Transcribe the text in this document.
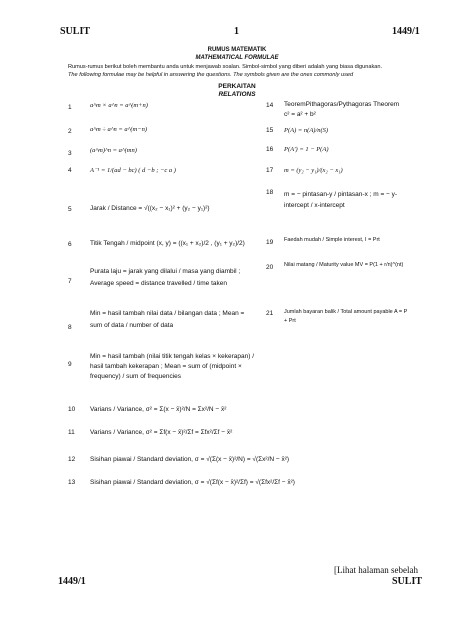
SULIT	1	1449/1
RUMUS MATEMATIK
MATHEMATICAL FORMULAE
Rumus-rumus berikut boleh membantu anda untuk menjawab soalan. Simbol-simbol yang diberi adalah yang biasa digunakan.
The following formulae may be helpful in answering the questions. The symbols given are the ones commonly used
PERKAITAN
RELATIONS
1	a^m × a^n = a^(m+n)
2	a^m ÷ a^n = a^(m−n)
3	(a^m)^n = a^(mn)
4	A⁻¹ = 1/(ad − bc) ( d −b ; −c a )
5	Jarak / Distance = √((x₂ − x₁)² + (y₂ − y₁)²)
6	Titik Tengah / midpoint (x, y) = ((x₁ + x₂)/2 , (y₁ + y₂)/2)
7
Purata laju = jarak yang dilalui / masa yang diambil ; Average speed = distance travelled / time taken
8
Min = hasil tambah nilai data / bilangan data ; Mean = sum of data / number of data
9
Min = hasil tambah (nilai titik tengah kelas × kekerapan) / hasil tambah kekerapan ; Mean = sum of (midpoint × frequency) / sum of frequencies
10 Varians / Variance, σ² = Σ(x − x̄)²/N = Σx²/N − x̄²
11 Varians / Variance, σ² = Σf(x − x̄)²/Σf = Σfx²/Σf − x̄²
12 Sisihan piawai / Standard deviation, σ = √(Σ(x − x̄)²/N) = √(Σx²/N − x̄²)
13 Sisihan piawai / Standard deviation, σ = √(Σf(x − x̄)²/Σf) = √(Σfx²/Σf − x̄²)
14 TeoremPithagoras/Pythagoras Theorem c² = a² + b²
15 P(A) = n(A)/n(S)
16 P(A′) = 1 − P(A)
17 m = (y₂ − y₁)/(x₂ − x₁)
18 m = − pintasan-y / pintasan-x ; m = − y-intercept / x-intercept
19 Faedah mudah / Simple interest, I = Prt
20 Nilai matang / Maturity value MV = P(1 + r/n)^(nt)
21 Jumlah bayaran balik / Total amount payable A = P + Prt
[Lihat halaman sebelah
1449/1	SULIT
